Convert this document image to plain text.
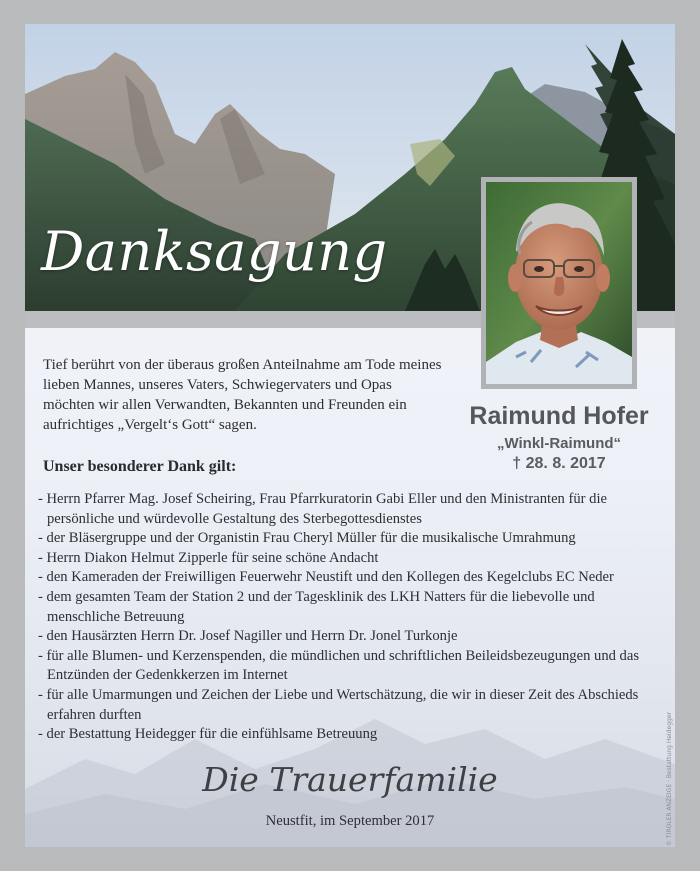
Danksagung
Raimund Hofer
„Winkl-Raimund“
† 28. 8. 2017
Tief berührt von der überaus großen Anteilnahme am Tode meines lieben Mannes, unseres Vaters, Schwiegervaters und Opas möchten wir allen Verwandten, Bekannten und Freunden ein aufrichtiges „Vergelt‘s Gott“ sagen.
Unser besonderer Dank gilt:
- Herrn Pfarrer Mag. Josef Scheiring, Frau Pfarrkuratorin Gabi Eller und den Ministranten für die persönliche und würdevolle Gestaltung des Sterbegottesdienstes
- der Bläsergruppe und der Organistin Frau Cheryl Müller für die musikalische Umrahmung
- Herrn Diakon Helmut Zipperle für seine schöne Andacht
- den Kameraden der Freiwilligen Feuerwehr Neustift und den Kollegen des Kegelclubs EC Neder
- dem gesamten Team der Station 2 und der Tagesklinik des LKH Natters für die liebevolle und menschliche Betreuung
- den Hausärzten Herrn Dr. Josef Nagiller und Herrn Dr. Jonel Turkonje
- für alle Blumen- und Kerzenspenden, die mündlichen und schriftlichen Beileidsbezeugungen und das Entzünden der Gedenkkerzen im Internet
- für alle Umarmungen und Zeichen der Liebe und Wertschätzung, die wir in dieser Zeit des Abschieds erfahren durften
- der Bestattung Heidegger für die einfühlsame Betreuung
Die Trauerfamilie
Neustfit, im September 2017	© TIROLER ANZEIGE · Bestattung Heidegger
